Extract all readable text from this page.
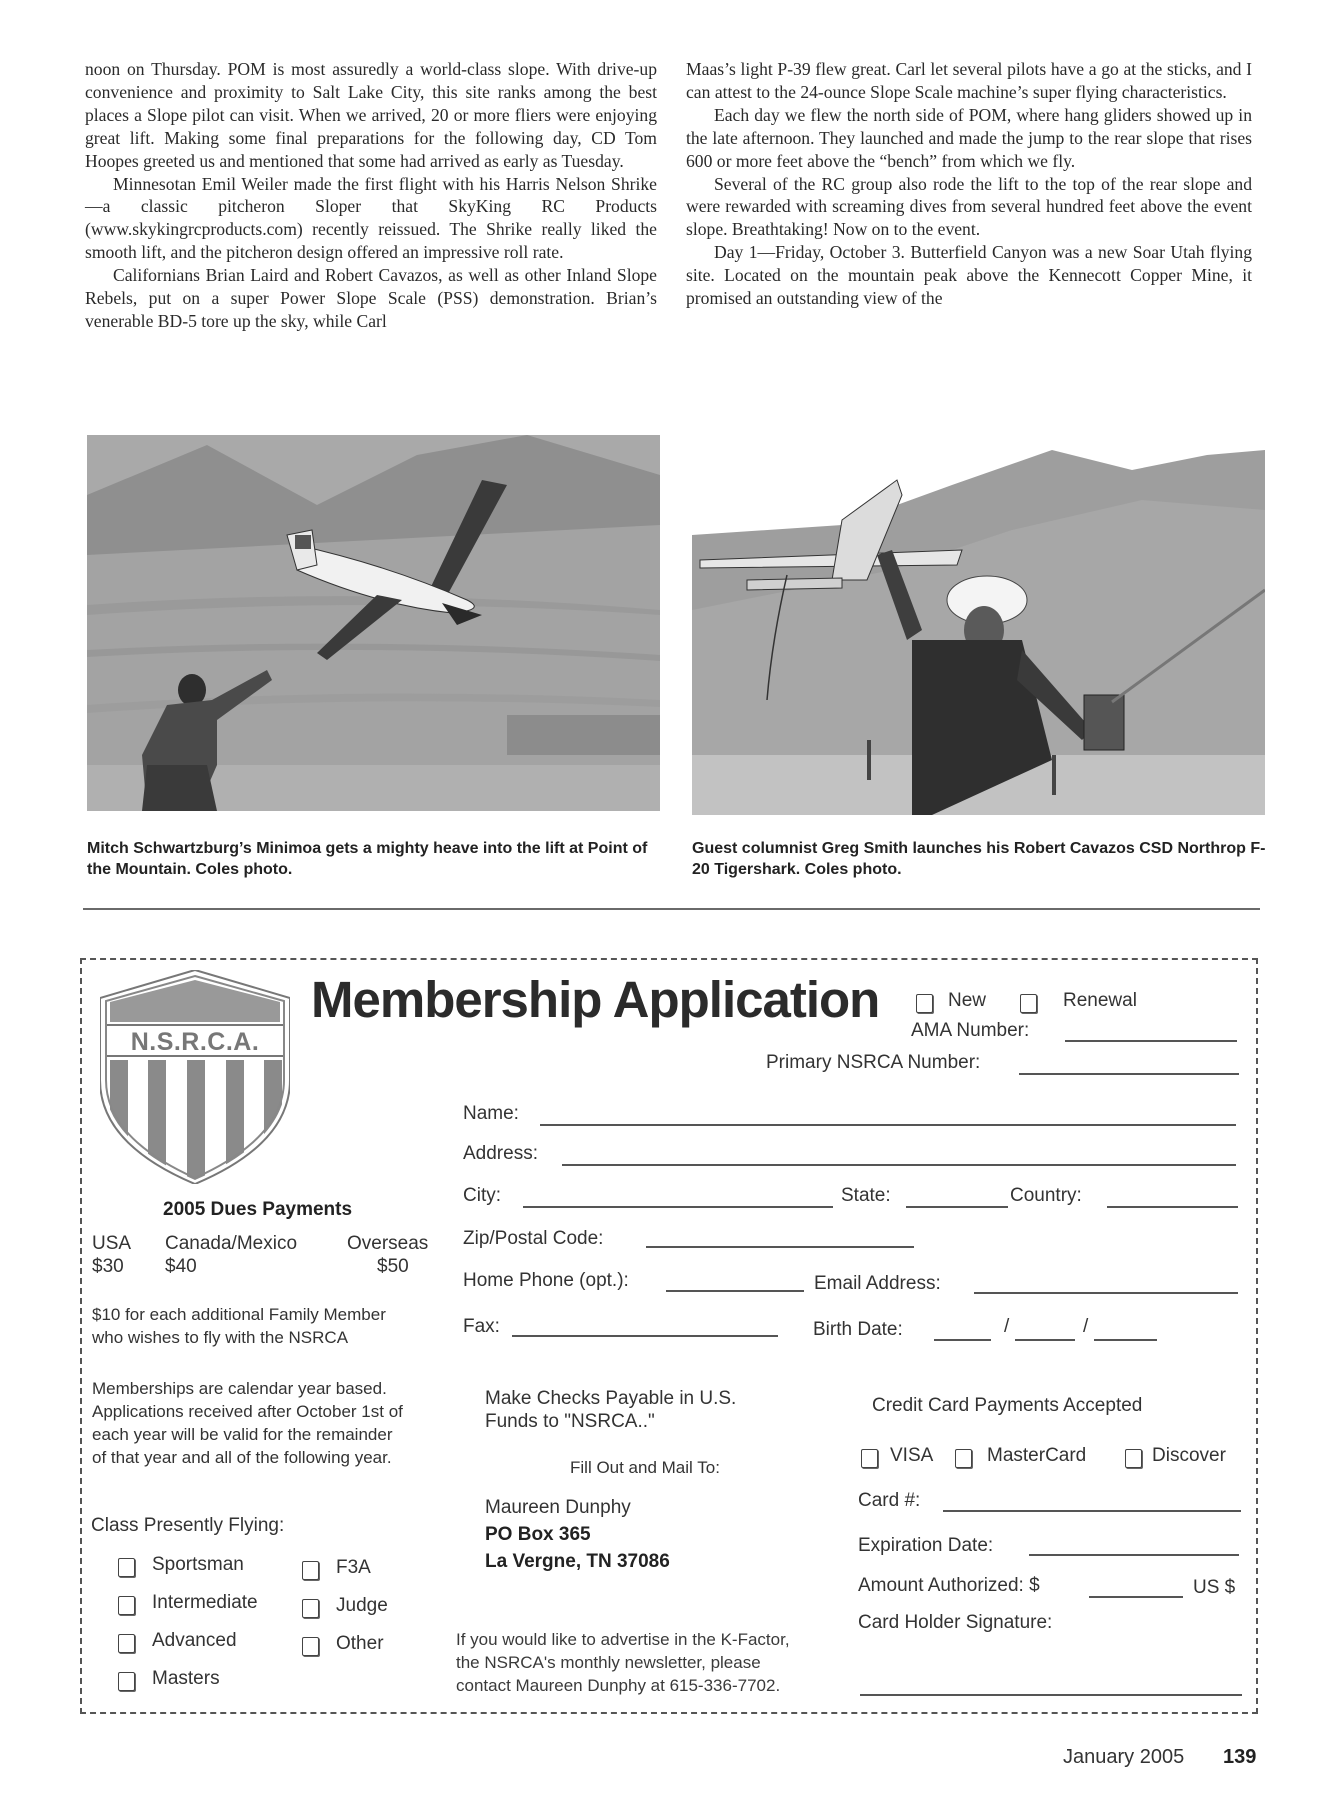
noon on Thursday. POM is most assuredly a world-class slope. With drive-up convenience and proximity to Salt Lake City, this site ranks among the best places a Slope pilot can visit. When we arrived, 20 or more fliers were enjoying great lift. Making some final preparations for the following day, CD Tom Hoopes greeted us and mentioned that some had arrived as early as Tuesday.

Minnesotan Emil Weiler made the first flight with his Harris Nelson Shrike—a classic pitcheron Sloper that SkyKing RC Products (www.skykingrcproducts.com) recently reissued. The Shrike really liked the smooth lift, and the pitcheron design offered an impressive roll rate.

Californians Brian Laird and Robert Cavazos, as well as other Inland Slope Rebels, put on a super Power Slope Scale (PSS) demonstration. Brian’s venerable BD-5 tore up the sky, while Carl

Maas’s light P-39 flew great. Carl let several pilots have a go at the sticks, and I can attest to the 24-ounce Slope Scale machine’s super flying characteristics.

Each day we flew the north side of POM, where hang gliders showed up in the late afternoon. They launched and made the jump to the rear slope that rises 600 or more feet above the “bench” from which we fly.

Several of the RC group also rode the lift to the top of the rear slope and were rewarded with screaming dives from several hundred feet above the event slope. Breathtaking! Now on to the event.

Day 1—Friday, October 3. Butterfield Canyon was a new Soar Utah flying site. Located on the mountain peak above the Kennecott Copper Mine, it promised an outstanding view of the

Mitch Schwartzburg’s Minimoa gets a mighty heave into the lift at Point of the Mountain. Coles photo.
Guest columnist Greg Smith launches his Robert Cavazos CSD Northrop F-20 Tigershark. Coles photo.
N.S.R.C.A.
Membership Application	New	Renewal
AMA Number:
Primary NSRCA Number:
Name:
Address:
City:	State:	Country:
Zip/Postal Code:
Home Phone (opt.):	Email Address:
Fax:	Birth Date:	/	/
2005 Dues Payments
USA Canada/Mexico	Overseas
$30 $40	$50
$10 for each additional Family Member
who wishes to fly with the NSRCA
Memberships are calendar year based.
Applications received after October 1st of
each year will be valid for the remainder
of that year and all of the following year.
Class Presently Flying:
Sportsman
Intermediate
Advanced
Masters
F3A
Judge
Other
Make Checks Payable in U.S.
Funds to "NSRCA.."
Fill Out and Mail To:
Maureen Dunphy
PO Box 365
La Vergne, TN 37086
If you would like to advertise in the K-Factor,
the NSRCA's monthly newsletter, please
contact Maureen Dunphy at 615-336-7702.
Credit Card Payments Accepted
VISA	MasterCard	Discover
Card #:
Expiration Date:
Amount Authorized: $	US $
Card Holder Signature:
January 2005 139
